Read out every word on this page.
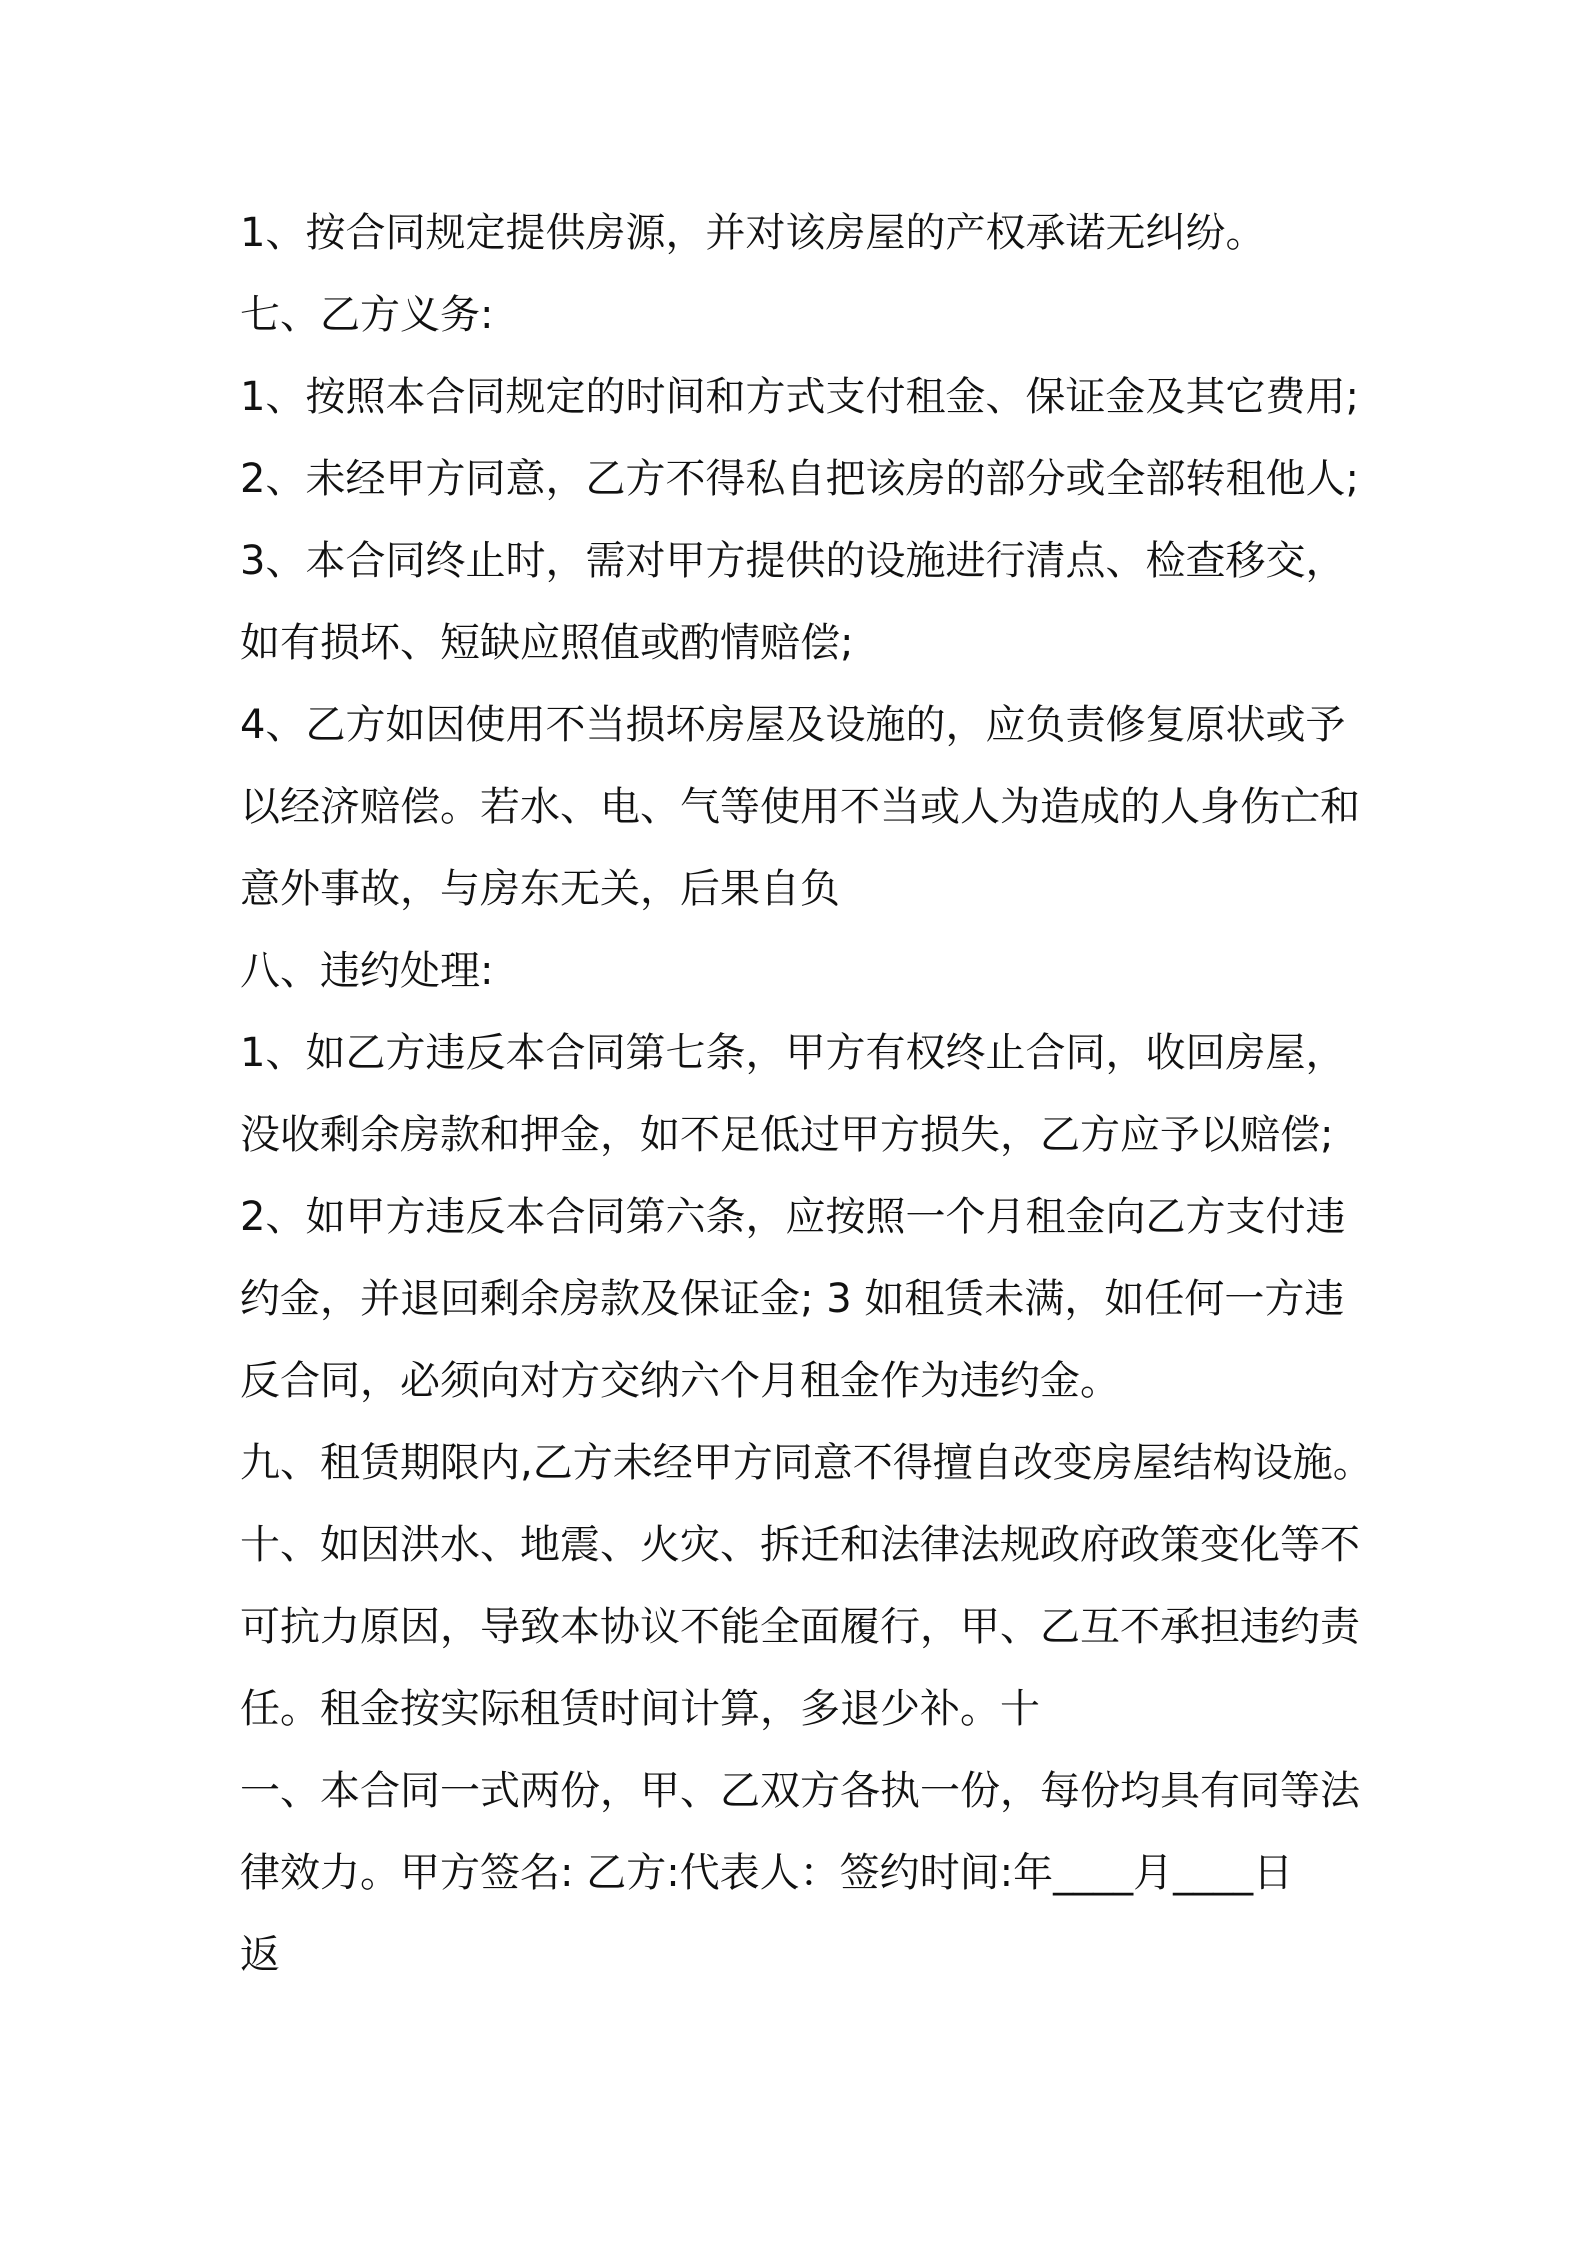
1、按合同规定提供房源，并对该房屋的产权承诺无纠纷。
七、乙方义务:
1、按照本合同规定的时间和方式支付租金、保证金及其它费用;
2、未经甲方同意，乙方不得私自把该房的部分或全部转租他人;
3、本合同终止时，需对甲方提供的设施进行清点、检查移交，
如有损坏、短缺应照值或酌情赔偿;
4、乙方如因使用不当损坏房屋及设施的，应负责修复原状或予
以经济赔偿。若水、电、气等使用不当或人为造成的人身伤亡和
意外事故，与房东无关，后果自负
八、违约处理:
1、如乙方违反本合同第七条，甲方有权终止合同，收回房屋，
没收剩余房款和押金，如不足低过甲方损失，乙方应予以赔偿;
2、如甲方违反本合同第六条，应按照一个月租金向乙方支付违
约金，并退回剩余房款及保证金; 3 如租赁未满，如任何一方违
反合同，必须向对方交纳六个月租金作为违约金。
九、租赁期限内,乙方未经甲方同意不得擅自改变房屋结构设施。
十、如因洪水、地震、火灾、拆迁和法律法规政府政策变化等不
可抗力原因，导致本协议不能全面履行，甲、乙互不承担违约责
任。租金按实际租赁时间计算，多退少补。十
一、本合同一式两份，甲、乙双方各执一份，每份均具有同等法
律效力。甲方签名: 乙方:代表人：签约时间:年____月____日
返
